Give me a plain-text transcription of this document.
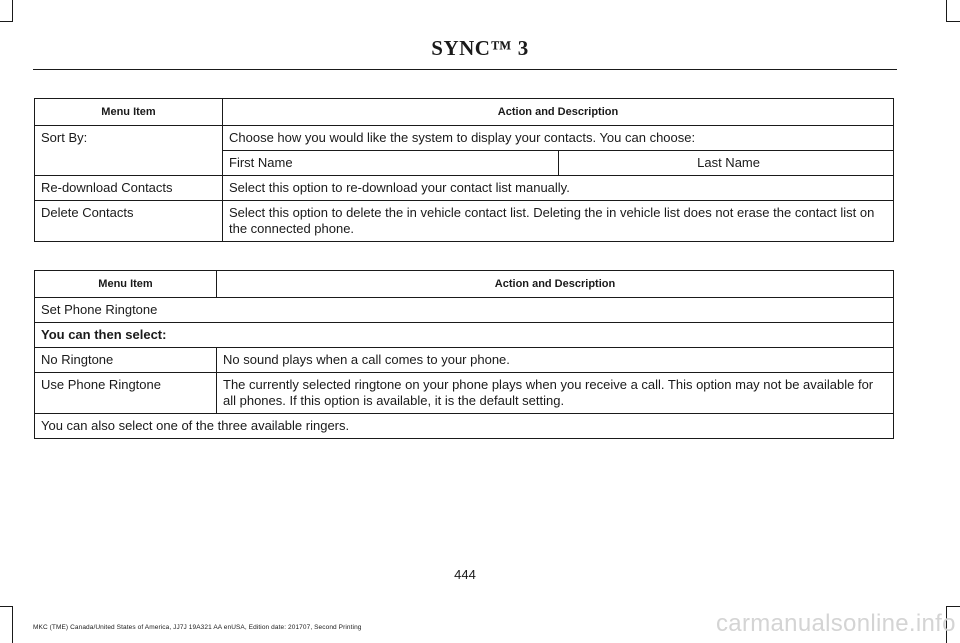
SYNC™ 3
Menu Item	Action and Description	
Sort By:	Choose how you would like the system to display your contacts. You can choose:	
	First Name	Last Name
Re-download Contacts	Select this option to re-download your contact list manually.	
Delete Contacts	Select this option to delete the in vehicle contact list. Deleting the in vehicle list does not erase the contact list on the connected phone.	
Menu Item	Action and Description
Set Phone Ringtone	
You can then select:	
No Ringtone	No sound plays when a call comes to your phone.
Use Phone Ringtone	The currently selected ringtone on your phone plays when you receive a call. This option may not be available for all phones. If this option is available, it is the default setting.
You can also select one of the three available ringers.	
444
MKC (TME) Canada/United States of America, JJ7J 19A321 AA enUSA, Edition date: 201707, Second Printing	carmanualsonline.info
